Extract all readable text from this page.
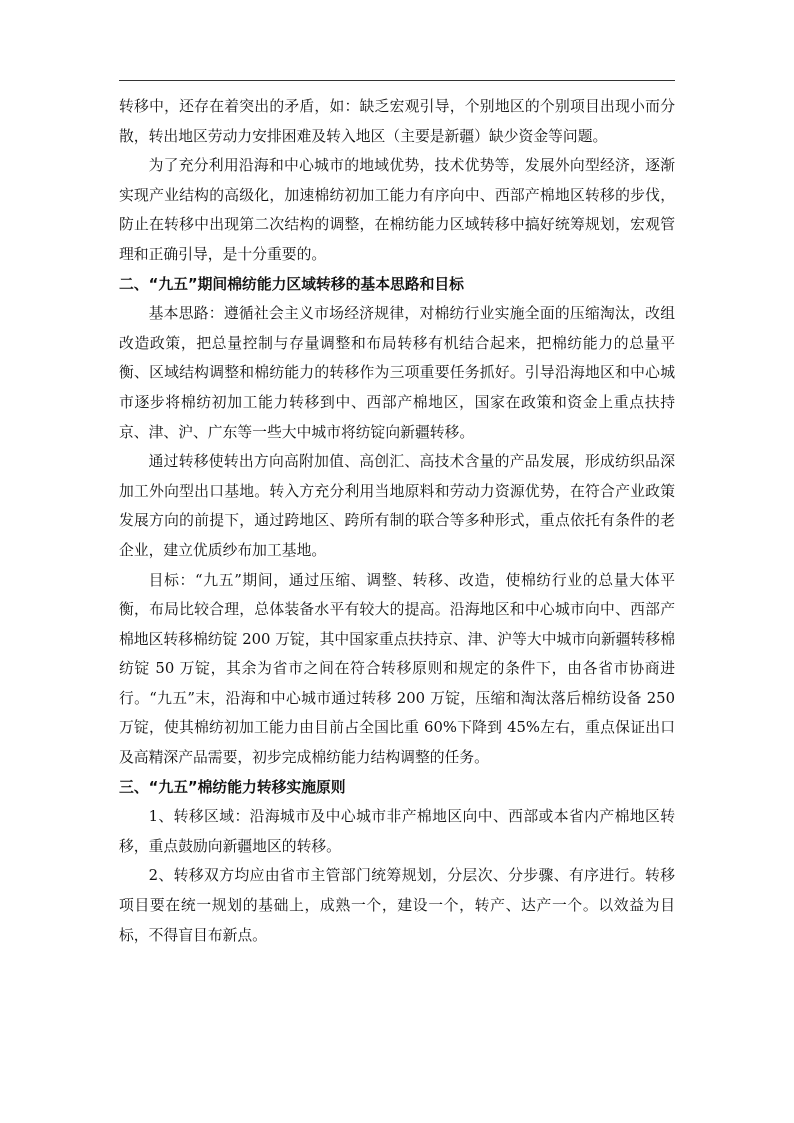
转移中，还存在着突出的矛盾，如：缺乏宏观引导，个别地区的个别项目出现小而分散，转出地区劳动力安排困难及转入地区（主要是新疆）缺少资金等问题。

为了充分利用沿海和中心城市的地域优势，技术优势等，发展外向型经济，逐渐实现产业结构的高级化，加速棉纺初加工能力有序向中、西部产棉地区转移的步伐，防止在转移中出现第二次结构的调整，在棉纺能力区域转移中搞好统筹规划，宏观管理和正确引导，是十分重要的。

二、“九五”期间棉纺能力区域转移的基本思路和目标

基本思路：遵循社会主义市场经济规律，对棉纺行业实施全面的压缩淘汰，改组改造政策，把总量控制与存量调整和布局转移有机结合起来，把棉纺能力的总量平衡、区域结构调整和棉纺能力的转移作为三项重要任务抓好。引导沿海地区和中心城市逐步将棉纺初加工能力转移到中、西部产棉地区，国家在政策和资金上重点扶持京、津、沪、广东等一些大中城市将纺锭向新疆转移。

通过转移使转出方向高附加值、高创汇、高技术含量的产品发展，形成纺织品深加工外向型出口基地。转入方充分利用当地原料和劳动力资源优势，在符合产业政策发展方向的前提下，通过跨地区、跨所有制的联合等多种形式，重点依托有条件的老企业，建立优质纱布加工基地。

目标：“九五”期间，通过压缩、调整、转移、改造，使棉纺行业的总量大体平衡，布局比较合理，总体装备水平有较大的提高。沿海地区和中心城市向中、西部产棉地区转移棉纺锭 200 万锭，其中国家重点扶持京、津、沪等大中城市向新疆转移棉纺锭 50 万锭，其余为省市之间在符合转移原则和规定的条件下，由各省市协商进行。“九五”末，沿海和中心城市通过转移 200 万锭，压缩和淘汰落后棉纺设备 250 万锭，使其棉纺初加工能力由目前占全国比重 60%下降到 45%左右，重点保证出口及高精深产品需要，初步完成棉纺能力结构调整的任务。

三、“九五”棉纺能力转移实施原则

1、转移区域：沿海城市及中心城市非产棉地区向中、西部或本省内产棉地区转移，重点鼓励向新疆地区的转移。

2、转移双方均应由省市主管部门统筹规划，分层次、分步骤、有序进行。转移项目要在统一规划的基础上，成熟一个，建设一个，转产、达产一个。以效益为目标，不得盲目布新点。
